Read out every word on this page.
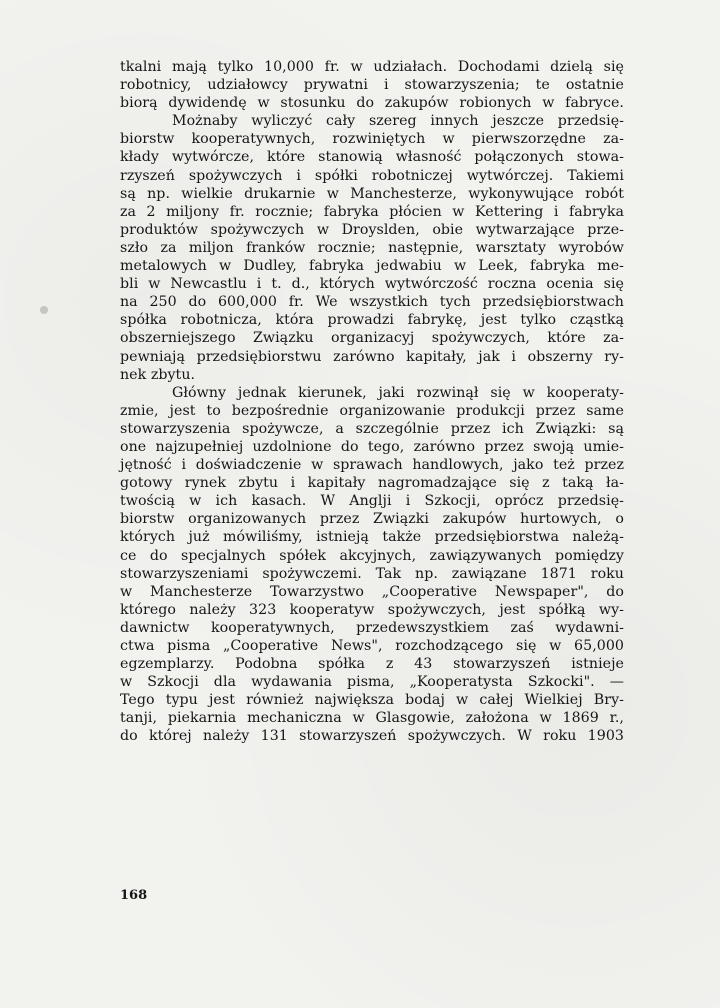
tkalni mają tylko 10,000 fr. w udziałach. Dochodami dzielą się
robotnicy, udziałowcy prywatni i stowarzyszenia; te ostatnie
biorą dywidendę w stosunku do zakupów robionych w fabryce.
Możnaby wyliczyć cały szereg innych jeszcze przedsię-
biorstw kooperatywnych, rozwiniętych w pierwszorzędne za-
kłady wytwórcze, które stanowią własność połączonych stowa-
rzyszeń spożywczych i spółki robotniczej wytwórczej. Takiemi
są np. wielkie drukarnie w Manchesterze, wykonywujące robót
za 2 miljony fr. rocznie; fabryka płócien w Kettering i fabryka
produktów spożywczych w Droyslden, obie wytwarzające prze-
szło za miljon franków rocznie; następnie, warsztaty wyrobów
metalowych w Dudley, fabryka jedwabiu w Leek, fabryka me-
bli w Newcastlu i t. d., których wytwórczość roczna ocenia się
na 250 do 600,000 fr. We wszystkich tych przedsiębiorstwach
spółka robotnicza, która prowadzi fabrykę, jest tylko cząstką
obszerniejszego Związku organizacyj spożywczych, które za-
pewniają przedsiębiorstwu zarówno kapitały, jak i obszerny ry-
nek zbytu.
Główny jednak kierunek, jaki rozwinął się w kooperaty-
zmie, jest to bezpośrednie organizowanie produkcji przez same
stowarzyszenia spożywcze, a szczególnie przez ich Związki: są
one najzupełniej uzdolnione do tego, zarówno przez swoją umie-
jętność i doświadczenie w sprawach handlowych, jako też przez
gotowy rynek zbytu i kapitały nagromadzające się z taką ła-
twością w ich kasach. W Anglji i Szkocji, oprócz przedsię-
biorstw organizowanych przez Związki zakupów hurtowych, o
których już mówiliśmy, istnieją także przedsiębiorstwa należą-
ce do specjalnych spółek akcyjnych, zawiązywanych pomiędzy
stowarzyszeniami spożywczemi. Tak np. zawiązane 1871 roku
w Manchesterze Towarzystwo „Cooperative Newspaper", do
którego należy 323 kooperatyw spożywczych, jest spółką wy-
dawnictw kooperatywnych, przedewszystkiem zaś wydawni-
ctwa pisma „Cooperative News", rozchodzącego się w 65,000
egzemplarzy. Podobna spółka z 43 stowarzyszeń istnieje
w Szkocji dla wydawania pisma, „Kooperatysta Szkocki". —
Tego typu jest również największa bodaj w całej Wielkiej Bry-
tanji, piekarnia mechaniczna w Glasgowie, założona w 1869 r.,
do której należy 131 stowarzyszeń spożywczych. W roku 1903
168
